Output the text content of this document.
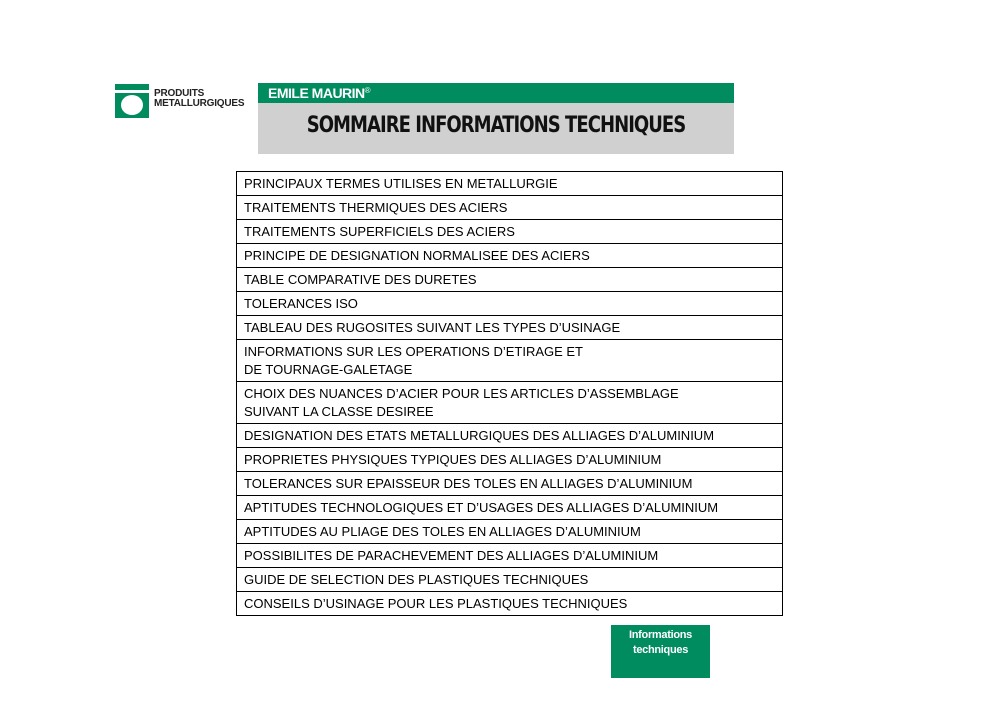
PRODUITS
METALLURGIQUES
EMILE MAURIN®
SOMMAIRE INFORMATIONS TECHNIQUES
PRINCIPAUX TERMES UTILISES EN METALLURGIE
TRAITEMENTS THERMIQUES DES ACIERS
TRAITEMENTS SUPERFICIELS DES ACIERS
PRINCIPE DE DESIGNATION NORMALISEE DES ACIERS
TABLE COMPARATIVE DES DURETES
TOLERANCES ISO
TABLEAU DES RUGOSITES SUIVANT LES TYPES D’USINAGE
INFORMATIONS SUR LES OPERATIONS D’ETIRAGE ET
DE TOURNAGE-GALETAGE
CHOIX DES NUANCES D’ACIER POUR LES ARTICLES D’ASSEMBLAGE
SUIVANT LA CLASSE DESIREE
DESIGNATION DES ETATS METALLURGIQUES DES ALLIAGES D’ALUMINIUM
PROPRIETES PHYSIQUES TYPIQUES DES ALLIAGES D’ALUMINIUM
TOLERANCES SUR EPAISSEUR DES TOLES EN ALLIAGES D’ALUMINIUM
APTITUDES TECHNOLOGIQUES ET D’USAGES DES ALLIAGES D’ALUMINIUM
APTITUDES AU PLIAGE DES TOLES EN ALLIAGES D’ALUMINIUM
POSSIBILITES DE PARACHEVEMENT DES ALLIAGES D’ALUMINIUM
GUIDE DE SELECTION DES PLASTIQUES TECHNIQUES
CONSEILS D’USINAGE POUR LES PLASTIQUES TECHNIQUES
Informations
techniques
